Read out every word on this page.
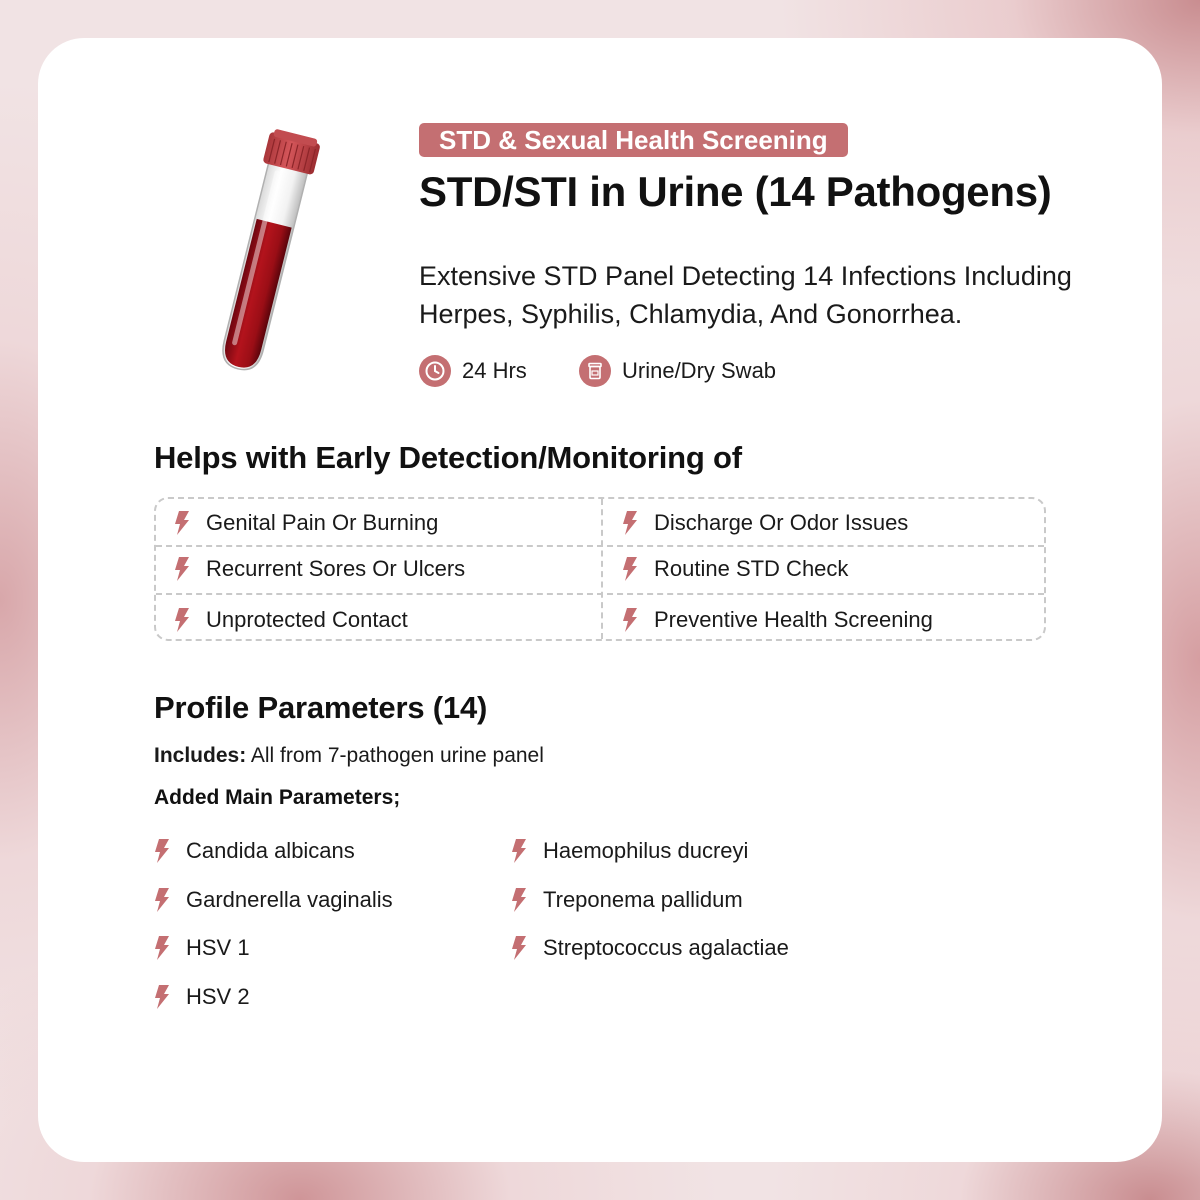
STD & Sexual Health Screening
STD/STI in Urine (14 Pathogens)
Extensive STD Panel Detecting 14 Infections Including Herpes, Syphilis, Chlamydia, And Gonorrhea.
24 Hrs	Urine/Dry Swab
Helps with Early Detection/Monitoring of
Genital Pain Or Burning	Discharge Or Odor Issues
Recurrent Sores Or Ulcers	Routine STD Check
Unprotected Contact	Preventive Health Screening
Profile Parameters (14)
Includes: All from 7-pathogen urine panel
Added Main Parameters;
Candida albicans
Gardnerella vaginalis
HSV 1
HSV 2
Haemophilus ducreyi
Treponema pallidum
Streptococcus agalactiae
